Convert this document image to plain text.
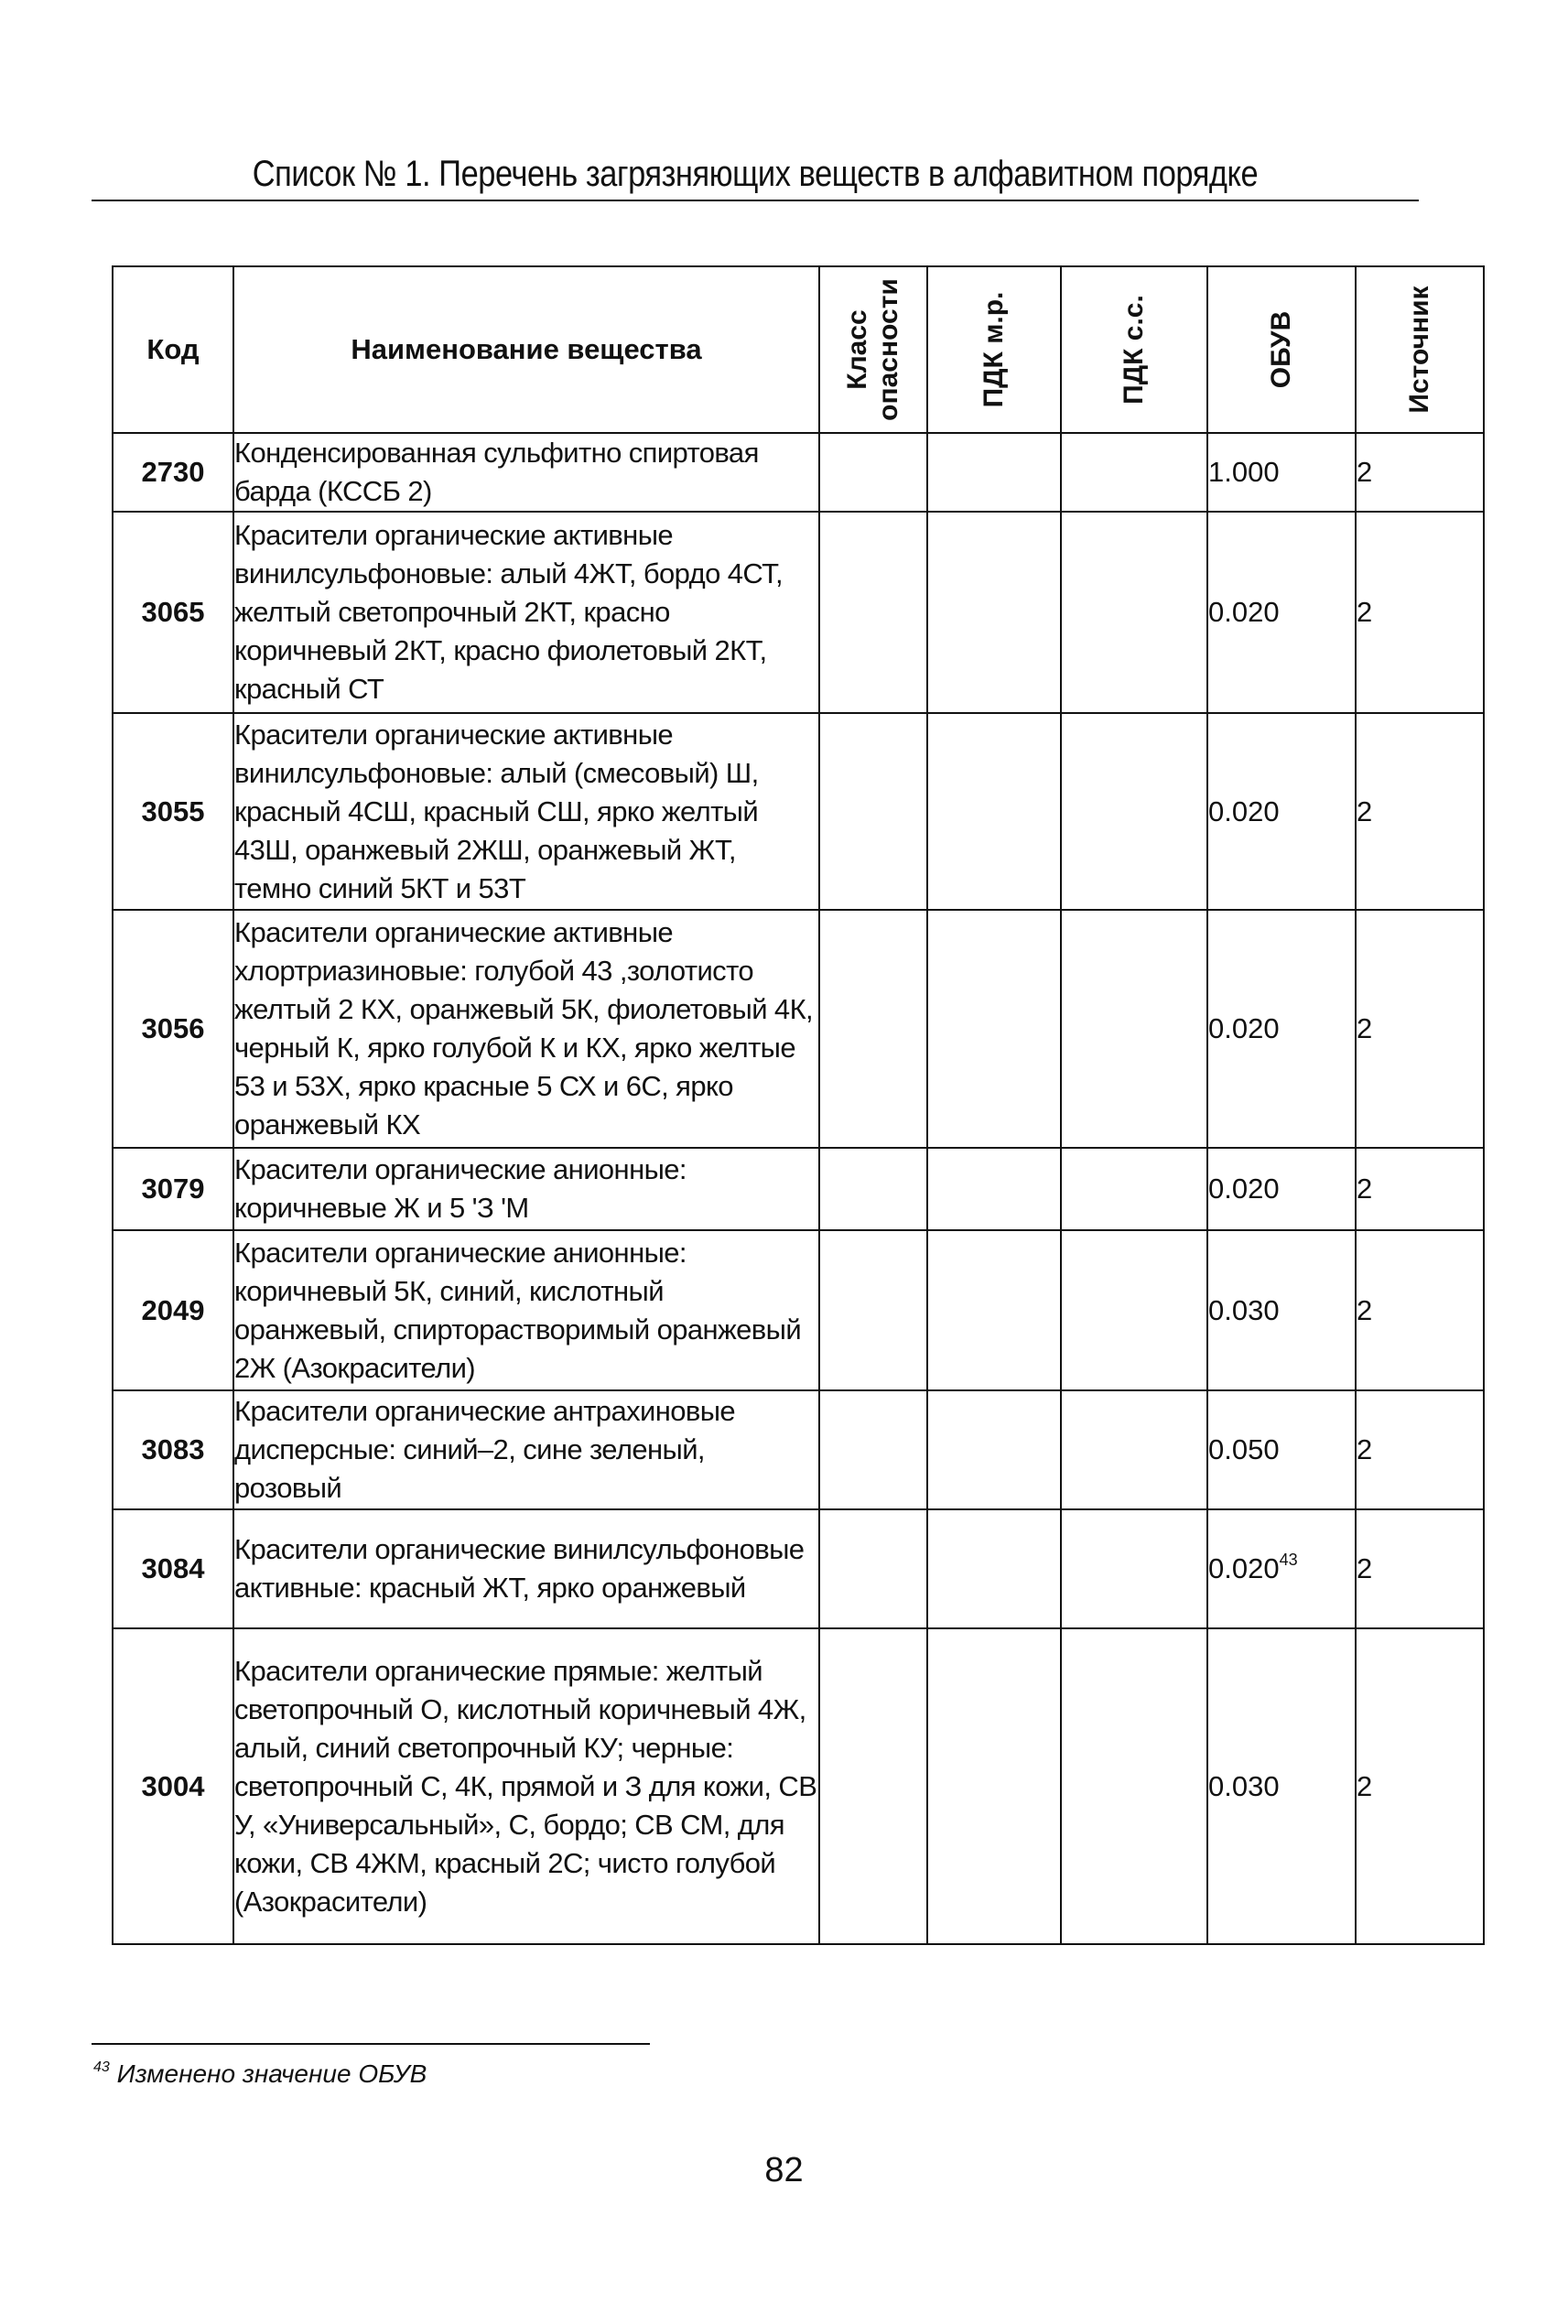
Список № 1. Перечень загрязняющих веществ в алфавитном порядке
Код	Наименование вещества	Класс
опасности	ПДК м.р.	ПДК с.с.	ОБУВ	Источник

2730	Конденсированная сульфитно спиртовая барда (КССБ 2)				1.000	2
3065	Красители органические активные винилсульфоновые: алый 4ЖТ, бордо 4СТ, желтый светопрочный 2КТ, красно коричневый 2КТ, красно фиолетовый 2КТ, красный СТ				0.020	2
3055	Красители органические активные винилсульфоновые: алый (смесовый) Ш, красный 4СШ, красный СШ, ярко желтый 43Ш, оранжевый 2ЖШ, оранжевый ЖТ, темно синий 5КТ и 53Т				0.020	2
3056	Красители органические активные хлортриазиновые: голубой 43 ,золотисто желтый 2 КХ, оранжевый 5К, фиолетовый 4К, черный К, ярко голубой К и КХ, ярко желтые 53 и 53Х, ярко красные 5 СХ и 6С, ярко оранжевый КХ				0.020	2
3079	Красители органические анионные: коричневые Ж и 5 'З 'М				0.020	2
2049	Красители органические анионные: коричневый 5К, синий, кислотный оранжевый, спирторастворимый оранжевый 2Ж (Азокрасители)				0.030	2
3083	Красители органические антрахиновые дисперсные: синий–2, сине зеленый, розовый				0.050	2
3084	Красители органические винилсульфоновые активные: красный ЖТ, ярко оранжевый				0.020$^{43}$	2
3004	Красители органические прямые: желтый светопрочный О, кислотный коричневый 4Ж, алый, синий светопрочный КУ; черные: светопрочный С, 4К, прямой и З для кожи, СВ У, «Универсальный», С, бордо; СВ СМ, для кожи, СВ 4ЖМ, красный 2С; чисто голубой (Азокрасители)				0.030	2
$^{43}$ Изменено значение ОБУВ
82
